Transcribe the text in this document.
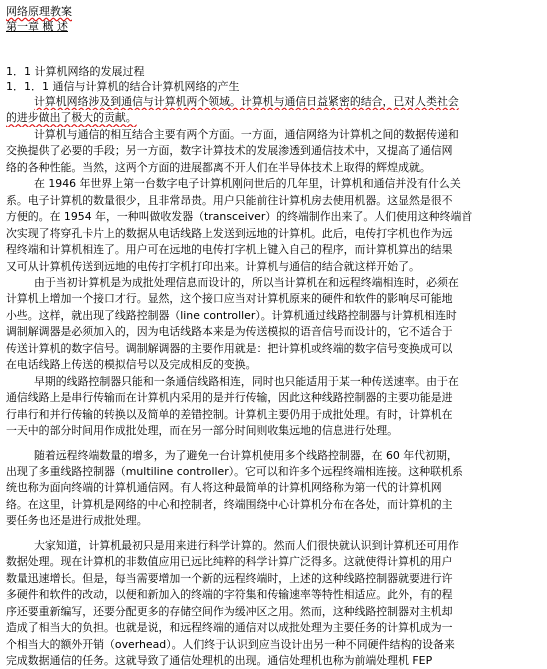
网络原理教案
第一章 概 述
1．1 计算机网络的发展过程
1．1．1 通信与计算机的结合计算机网络的产生
计算机网络涉及到通信与计算机两个领域。计算机与通信日益紧密的结合，已对人类社会
的进步做出了极大的贡献。
计算机与通信的相互结合主要有两个方面。一方面，通信网络为计算机之间的数据传递和
交换提供了必要的手段；另一方面，数字计算技术的发展渗透到通信技术中，又提高了通信网
络的各种性能。当然，这两个方面的进展都离不开人们在半导体技术上取得的辉煌成就。
在 1946 年世界上第一台数字电子计算机刚问世后的几年里，计算机和通信并没有什么关
系。电子计算机的数量很少，且非常昂贵。用户只能前往计算机房去使用机器。这显然是很不
方便的。在 1954 年，一种叫做收发器（transceiver）的终端制作出来了。人们使用这种终端首
次实现了将穿孔卡片上的数据从电话线路上发送到远地的计算机。此后，电传打字机也作为远
程终端和计算机相连了。用户可在远地的电传打字机上键入自己的程序，而计算机算出的结果
又可从计算机传送到远地的电传打字机打印出来。计算机与通信的结合就这样开始了。
由于当初计算机是为成批处理信息而设计的，所以当计算机在和远程终端相连时，必须在
计算机上增加一个接口才行。显然，这个接口应当对计算机原来的硬件和软件的影响尽可能地
小些。这样，就出现了线路控制器（line controller）。计算机通过线路控制器与计算机相连时
调制解调器是必须加入的，因为电话线路本来是为传送模拟的语音信号而设计的，它不适合于
传送计算机的数字信号。调制解调器的主要作用就是：把计算机或终端的数字信号变换成可以
在电话线路上传送的模拟信号以及完成相反的变换。
早期的线路控制器只能和一条通信线路相连，同时也只能适用于某一种传送速率。由于在
通信线路上是串行传输而在计算机内采用的是并行传输，因此这种线路控制器的主要功能是进
行串行和并行传输的转换以及简单的差错控制。计算机主要仍用于成批处理。有时，计算机在
一天中的部分时间用作成批处理，而在另一部分时间则收集远地的信息进行处理。
随着远程终端数量的增多，为了避免一台计算机使用多个线路控制器，在 60 年代初期，
出现了多重线路控制器（multiline controller）。它可以和许多个远程终端相连接。这种联机系
统也称为面向终端的计算机通信网。有人将这种最简单的计算机网络称为第一代的计算机网
络。在这里，计算机是网络的中心和控制者，终端围绕中心计算机分布在各处，而计算机的主
要任务也还是进行成批处理。
大家知道，计算机最初只是用来进行科学计算的。然而人们很快就认识到计算机还可用作
数据处理。现在计算机的非数值应用已远比纯粹的科学计算广泛得多。这就使得计算机的用户
数量迅速增长。但是，每当需要增加一个新的远程终端时，上述的这种线路控制器就要进行许
多硬件和软件的改动，以便和新加入的终端的字符集和传输速率等特性相适应。此外，有的程
序还要重新编写，还要分配更多的存储空间作为缓冲区之用。然而，这种线路控制器对主机却
造成了相当大的负担。也就是说，和远程终端的通信对以成批处理为主要任务的计算机成为一
个相当大的额外开销（overhead）。人们终于认识到应当设计出另一种不同硬件结构的设备来
完成数据通信的任务。这就导致了通信处理机的出现。通信处理机也称为前端处理机 FEP
